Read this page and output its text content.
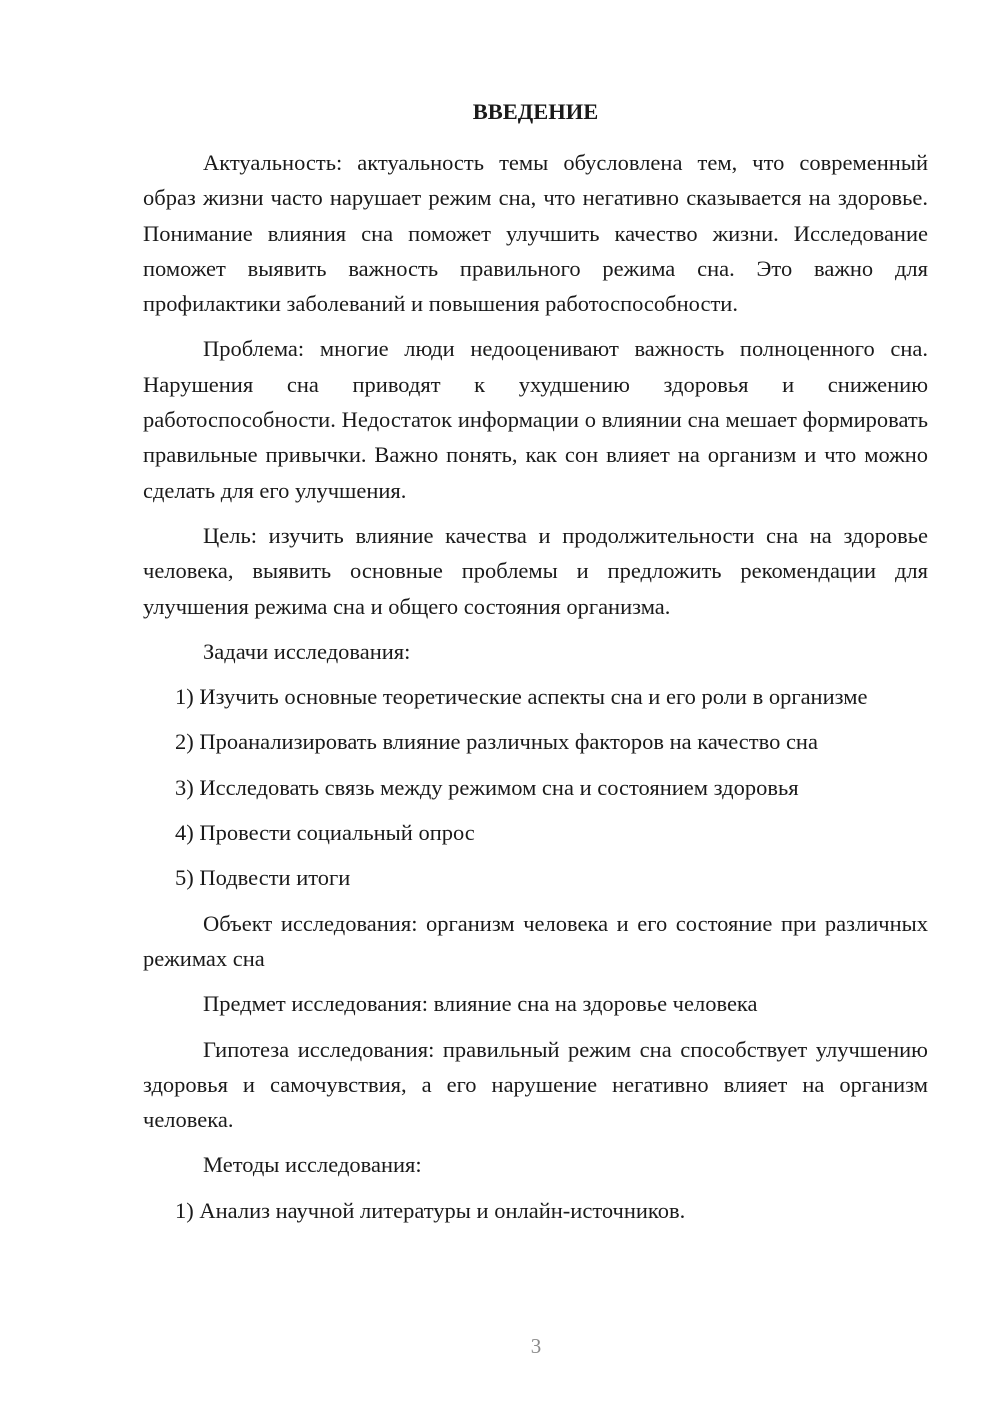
ВВЕДЕНИЕ

Актуальность: актуальность темы обусловлена тем, что современный образ жизни часто нарушает режим сна, что негативно сказывается на здоровье. Понимание влияния сна поможет улучшить качество жизни. Исследование поможет выявить важность правильного режима сна. Это важно для профилактики заболеваний и повышения работоспособности.

Проблема: многие люди недооценивают важность полноценного сна. Нарушения сна приводят к ухудшению здоровья и снижению работоспособности. Недостаток информации о влиянии сна мешает формировать правильные привычки. Важно понять, как сон влияет на организм и что можно сделать для его улучшения.

Цель: изучить влияние качества и продолжительности сна на здоровье человека, выявить основные проблемы и предложить рекомендации для улучшения режима сна и общего состояния организма.

Задачи исследования:

1) Изучить основные теоретические аспекты сна и его роли в организме

2) Проанализировать влияние различных факторов на качество сна

3) Исследовать связь между режимом сна и состоянием здоровья

4) Провести социальный опрос

5) Подвести итоги

Объект исследования: организм человека и его состояние при различных режимах сна

Предмет исследования: влияние сна на здоровье человека

Гипотеза исследования: правильный режим сна способствует улучшению здоровья и самочувствия, а его нарушение негативно влияет на организм человека.

Методы исследования:

1) Анализ научной литературы и онлайн-источников.

3
